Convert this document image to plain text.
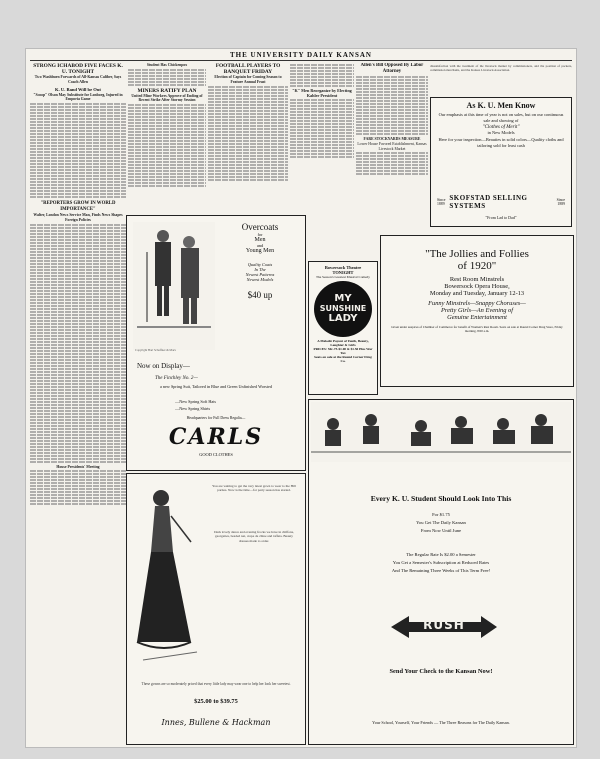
THE UNIVERSITY DAILY KANSAN
STRONG ICHABOD FIVE FACES K. U. TONIGHT
Two Washburn Forwards of All-Kansas Caliber, Says Coach Allen
K. U. Band Will be Out
"Scoop" Olson May Substitute for Lonborg, Injured in Emporia Game
"REPORTERS GROW IN WORLD IMPORTANCE"
Walter, London News Service Man, Finds News Shapes Foreign Policies
House Presidents' Meeting
Student Has Chickenpox
MINERS RATIFY PLAN
United Mine Workers Approve of Ending of Recent Strike After Stormy Session
FOOTBALL PLAYERS TO BANQUET FRIDAY
Election of Captain for Coming Season to Feature Annual Feast
"K" Men Reorganize by Electing Kahler President
Allen's Bill Opposed By Labor Attorney
FARE STOCKYARDS MEASURE
Lower House Favored Establishment, Kansas Livestock Market
dissatisfaction with the treatment of the livestock market by commissioners, and the position of packers, commission merchants, and the Kansas Livestock Association.
As K. U. Men Know
Our emphasis at this time of year is not on sales, but on our continuous sale and showing of
"Clothes of Merit"
in New Models
Here for your inspection—Beauties in solid colors—Quality cloths and tailoring sold for least cash
Since 1889
SKOFSTAD SELLING SYSTEMS
Since 1889
"From Lad to Dad"
Copyright Hart Schaffner & Marx
Overcoats
for
Men
and
Young Men
Quality Coats
In The
Newest Patterns
Newest Models
$40 up
Now on Display—
The Finchley No. 2—
a new Spring Suit, Tailored in Blue and Green Unfinished Worsted
—New Spring Soft Hats
—New Spring Shirts
Headquarters for Full Dress Regalia—
CARLS
GOOD CLOTHES
Bowersock Theatre
TONIGHT
The Season's Greatest Musical Comedy
MY
SUNSHINE
LADY
A Melodic Payout of Youth, Beauty, Laughter & Girls
PRICES: 50c-75-$1.00 & $1.50 Plus War Tax
Seats on sale at the Round Corner Drug Co.
"The Jollies and Follies
of 1920"
Rest Room Minstrels
Bowersock Opera House,
Monday and Tuesday, January 12-13
Funny Minstrels—Snappy Choruses—
Pretty Girls—An Evening of
Genuine Entertainment
Given under auspices of Chamber of Commerce for benefit of Women's Rest Room. Seats on sale at Round Corner Drug Store, Friday morning, 8:00 a.m.
You are waiting to get the very latest gown to wear to the Hill parties. Now is the time—for party season has started.
Dark lovely dance and evening frocks we have in chiffons, georgettes, beaded net, crepe de chine and taffeta. Beauty dresses made to order.
These gowns are so moderately priced that every little lady may wear one to help her look her sweetest.
$25.00 to $39.75
Innes, Bullene & Hackman
Every K. U. Student Should Look Into This
For $1.75
You Get The Daily Kansan
From Now Until June
The Regular Rate Is $2.00 a Semester
You Get a Semester's Subscription at Reduced Rates
And The Remaining Three Weeks of This Term Free!
RUSH
Send Your Check to the Kansan Now!
Your School, Yourself, Your Friends — The Three Reasons for The Daily Kansan.
